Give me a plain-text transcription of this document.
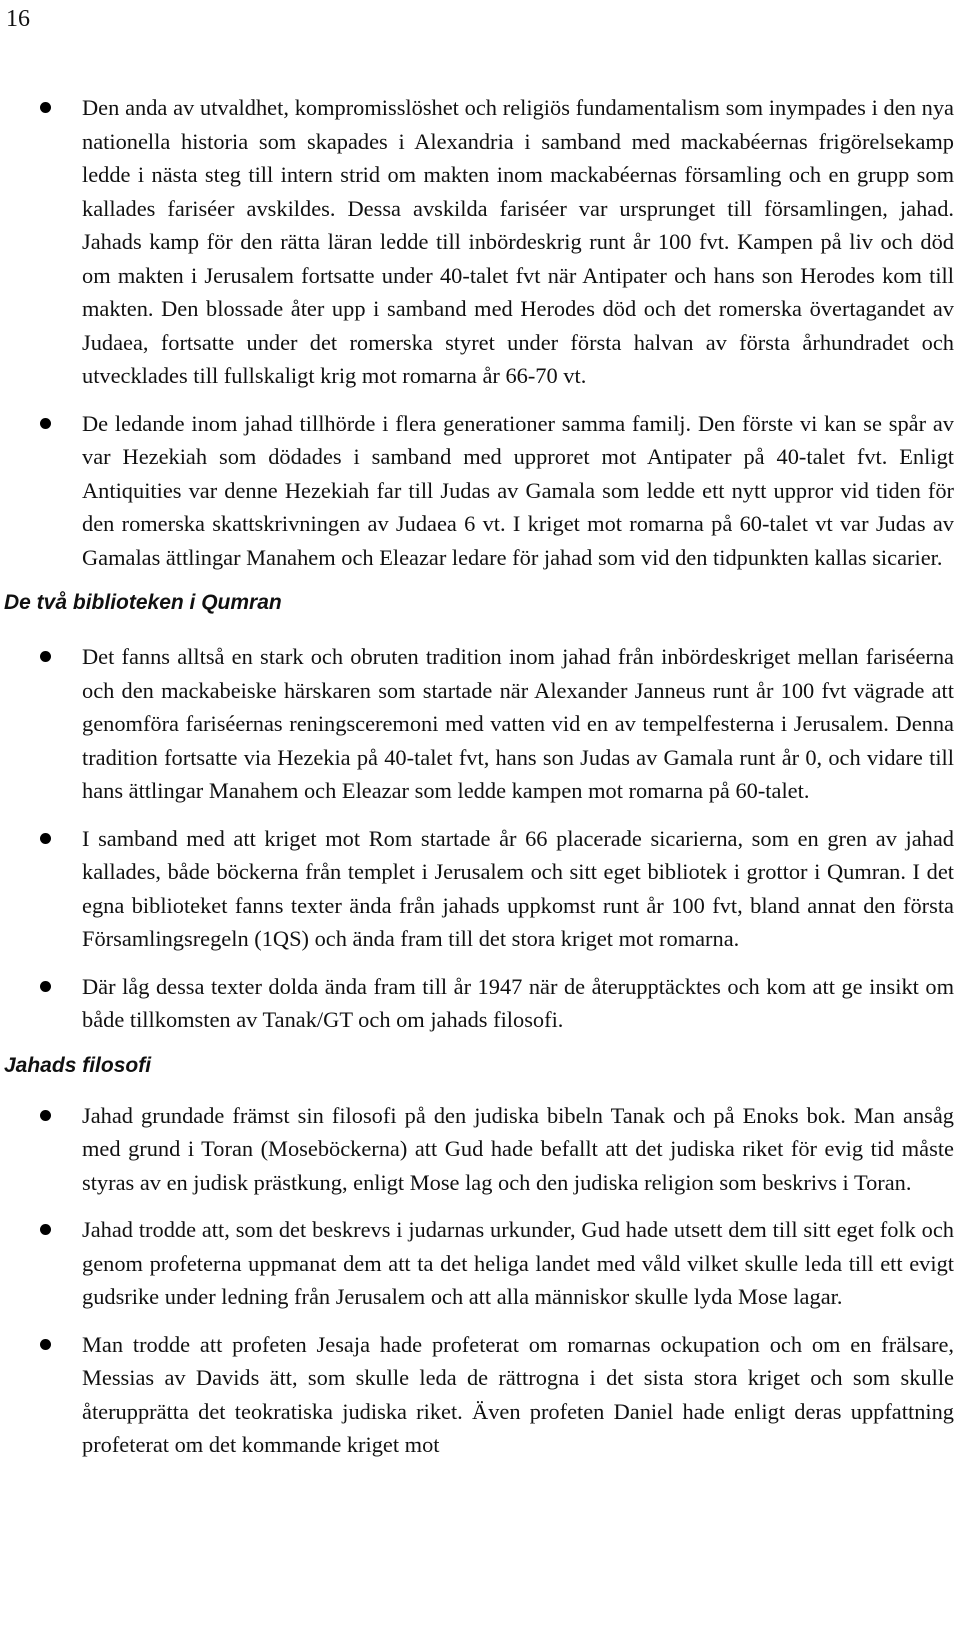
16
Den anda av utvaldhet, kompromisslöshet och religiös fundamentalism som inympades i den nya nationella historia som skapades i Alexandria i samband med mackabéernas frigörelsekamp ledde i nästa steg till intern strid om makten inom mackabéernas församling och en grupp som kallades fariséer avskildes. Dessa avskilda fariséer var ursprunget till församlingen, jahad. Jahads kamp för den rätta läran ledde till inbördeskrig runt år 100 fvt. Kampen på liv och död om makten i Jerusalem fortsatte under 40-talet fvt när Antipater och hans son Herodes kom till makten. Den blossade åter upp i samband med Herodes död och det romerska övertagandet av Judaea, fortsatte under det romerska styret under första halvan av första århundradet och utvecklades till fullskaligt krig mot romarna år 66-70 vt.
De ledande inom jahad tillhörde i flera generationer samma familj. Den förste vi kan se spår av var Hezekiah som dödades i samband med upproret mot Antipater på 40-talet fvt. Enligt Antiquities var denne Hezekiah far till Judas av Gamala som ledde ett nytt uppror vid tiden för den romerska skattskrivningen av Judaea 6 vt. I kriget mot romarna på 60-talet vt var Judas av Gamalas ättlingar Manahem och Eleazar ledare för jahad som vid den tidpunkten kallas sicarier.
De två biblioteken i Qumran
Det fanns alltså en stark och obruten tradition inom jahad från inbördeskriget mellan fariséerna och den mackabeiske härskaren som startade när Alexander Janneus runt år 100 fvt vägrade att genomföra fariséernas reningsceremoni med vatten vid en av tempelfesterna i Jerusalem. Denna tradition fortsatte via Hezekia på 40-talet fvt, hans son Judas av Gamala runt år 0, och vidare till hans ättlingar Manahem och Eleazar som ledde kampen mot romarna på 60-talet.
I samband med att kriget mot Rom startade år 66 placerade sicarierna, som en gren av jahad kallades, både böckerna från templet i Jerusalem och sitt eget bibliotek i grottor i Qumran. I det egna biblioteket fanns texter ända från jahads uppkomst runt år 100 fvt, bland annat den första Församlingsregeln (1QS) och ända fram till det stora kriget mot romarna.
Där låg dessa texter dolda ända fram till år 1947 när de återupptäcktes och kom att ge insikt om både tillkomsten av Tanak/GT och om jahads filosofi.
Jahads filosofi
Jahad grundade främst sin filosofi på den judiska bibeln Tanak och på Enoks bok. Man ansåg med grund i Toran (Moseböckerna) att Gud hade befallt att det judiska riket för evig tid måste styras av en judisk prästkung, enligt Mose lag och den judiska religion som beskrivs i Toran.
Jahad trodde att, som det beskrevs i judarnas urkunder, Gud hade utsett dem till sitt eget folk och genom profeterna uppmanat dem att ta det heliga landet med våld vilket skulle leda till ett evigt gudsrike under ledning från Jerusalem och att alla människor skulle lyda Mose lagar.
Man trodde att profeten Jesaja hade profeterat om romarnas ockupation och om en frälsare, Messias av Davids ätt, som skulle leda de rättrogna i det sista stora kriget och som skulle återupprätta det teokratiska judiska riket. Även profeten Daniel hade enligt deras uppfattning profeterat om det kommande kriget mot
